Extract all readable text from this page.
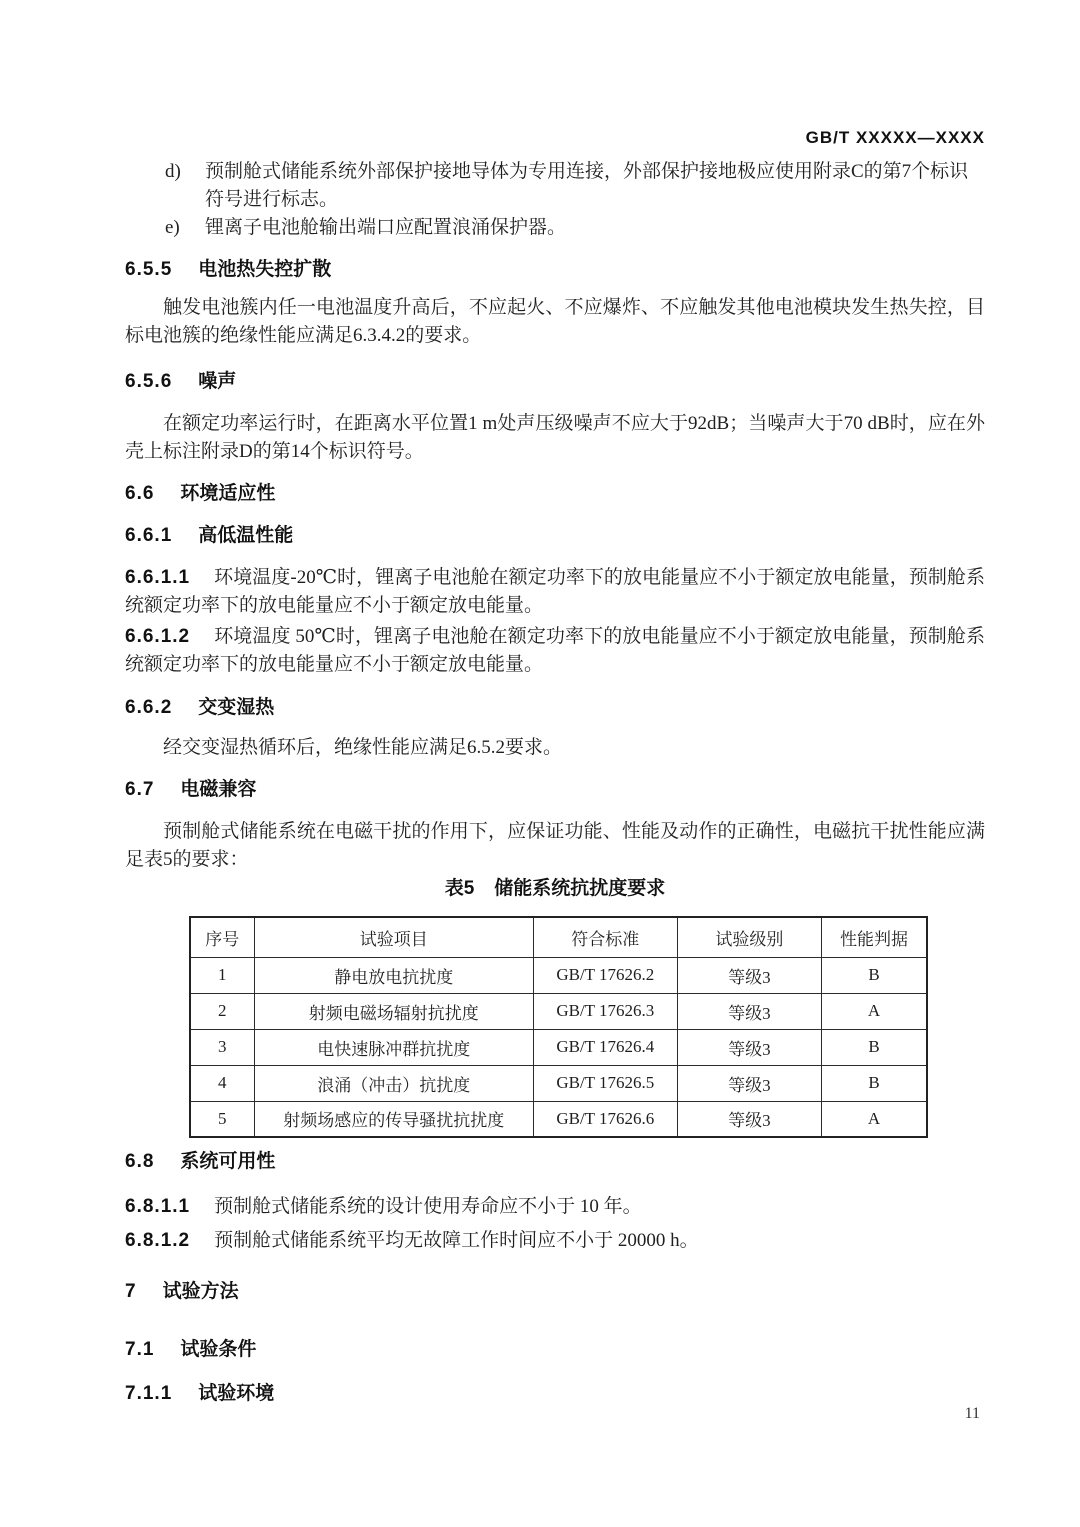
GB/T XXXXX—XXXX
d) 预制舱式储能系统外部保护接地导体为专用连接，外部保护接地极应使用附录C的第7个标识符号进行标志。
e) 锂离子电池舱输出端口应配置浪涌保护器。
6.5.5 电池热失控扩散

触发电池簇内任一电池温度升高后，不应起火、不应爆炸、不应触发其他电池模块发生热失控，目标电池簇的绝缘性能应满足6.3.4.2的要求。

6.5.6 噪声

在额定功率运行时，在距离水平位置1 m处声压级噪声不应大于92dB；当噪声大于70 dB时，应在外壳上标注附录D的第14个标识符号。

6.6 环境适应性
6.6.1 高低温性能

6.6.1.1 环境温度-20℃时，锂离子电池舱在额定功率下的放电能量应不小于额定放电能量，预制舱系统额定功率下的放电能量应不小于额定放电能量。

6.6.1.2 环境温度 50℃时，锂离子电池舱在额定功率下的放电能量应不小于额定放电能量，预制舱系统额定功率下的放电能量应不小于额定放电能量。

6.6.2 交变湿热

经交变湿热循环后，绝缘性能应满足6.5.2要求。

6.7 电磁兼容

预制舱式储能系统在电磁干扰的作用下，应保证功能、性能及动作的正确性，电磁抗干扰性能应满足表5的要求：

表5 储能系统抗扰度要求
序号	试验项目	符合标准	试验级别	性能判据
1	静电放电抗扰度	GB/T 17626.2	等级3	B
2	射频电磁场辐射抗扰度	GB/T 17626.3	等级3	A
3	电快速脉冲群抗扰度	GB/T 17626.4	等级3	B
4	浪涌（冲击）抗扰度	GB/T 17626.5	等级3	B
5	射频场感应的传导骚扰抗扰度	GB/T 17626.6	等级3	A
6.8 系统可用性

6.8.1.1 预制舱式储能系统的设计使用寿命应不小于 10 年。

6.8.1.2 预制舱式储能系统平均无故障工作时间应不小于 20000 h。

7 试验方法
7.1 试验条件
7.1.1 试验环境
11
